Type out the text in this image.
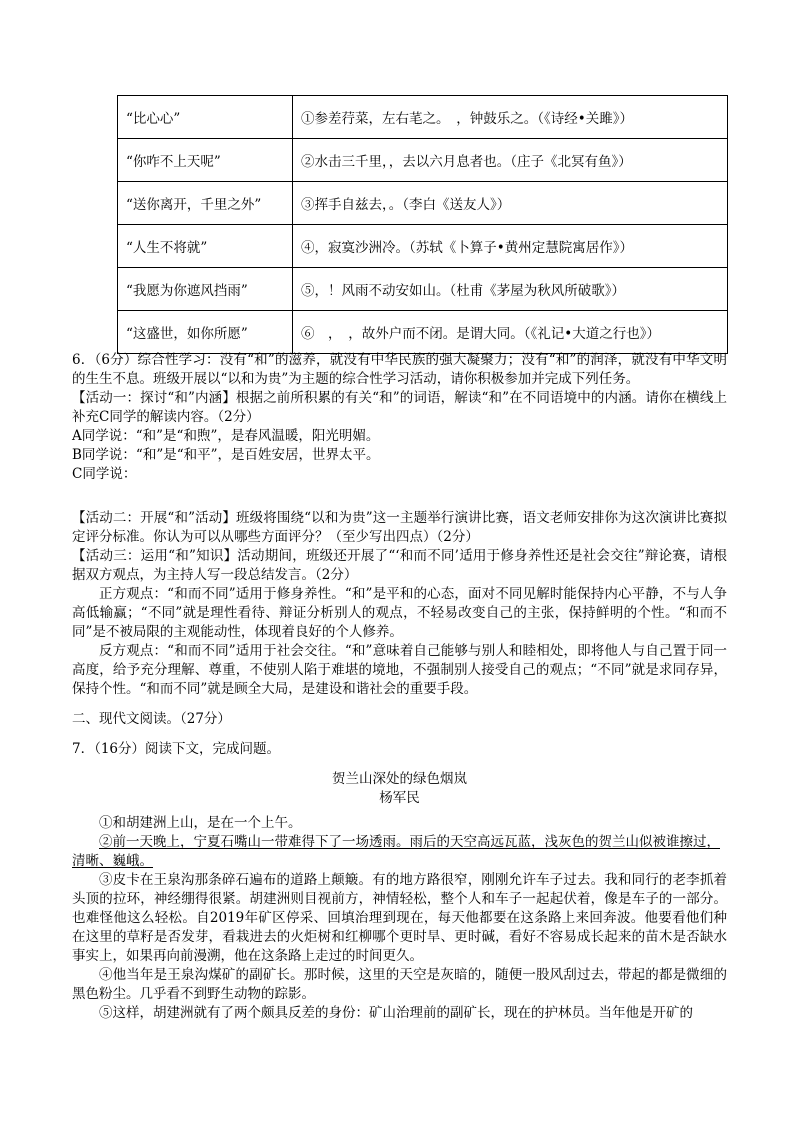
“比心心”	①参差荇菜，左右芼之。　，钟鼓乐之。（《诗经•关雎》）
“你咋不上天呢”	②水击三千里，，去以六月息者也。（庄子《北冥有鱼》）
“送你离开，千里之外”	③挥手自兹去，。（李白《送友人》）
“人生不将就”	④，寂寞沙洲冷。（苏轼《卜算子•黄州定慧院寓居作》）
“我愿为你遮风挡雨”	⑤，！风雨不动安如山。（杜甫《茅屋为秋风所破歌》）
“这盛世，如你所愿”	⑥　，　，故外户而不闭。是谓大同。（《礼记•大道之行也》）

6．（6分）综合性学习：没有“和”的滋养，就没有中华民族的强大凝聚力；没有“和”的润泽，就没有中华文明的生生不息。班级开展以“以和为贵”为主题的综合性学习活动，请你积极参加并完成下列任务。

【活动一：探讨“和”内涵】根据之前所积累的有关“和”的词语，解读“和”在不同语境中的内涵。请你在横线上补充C同学的解读内容。（2分）

A同学说：“和”是“和煦”，是春风温暖，阳光明媚。

B同学说：“和”是“和平”，是百姓安居，世界太平。

C同学说：

【活动二：开展“和”活动】班级将围绕“以和为贵”这一主题举行演讲比赛，语文老师安排你为这次演讲比赛拟定评分标准。你认为可以从哪些方面评分？（至少写出四点）（2分）

【活动三：运用“和”知识】活动期间，班级还开展了“‘和而不同’适用于修身养性还是社会交往”辩论赛，请根据双方观点，为主持人写一段总结发言。（2分）

正方观点：“和而不同”适用于修身养性。“和”是平和的心态，面对不同见解时能保持内心平静，不与人争高低输赢；“不同”就是理性看待、辩证分析别人的观点，不轻易改变自己的主张，保持鲜明的个性。“和而不同”是不被局限的主观能动性，体现着良好的个人修养。

反方观点：“和而不同”适用于社会交往。“和”意味着自己能够与别人和睦相处，即将他人与自己置于同一高度，给予充分理解、尊重，不使别人陷于难堪的境地，不强制别人接受自己的观点；“不同”就是求同存异，保持个性。“和而不同”就是顾全大局，是建设和谐社会的重要手段。

二、现代文阅读。（27分）

7．（16分）阅读下文，完成问题。

贺兰山深处的绿色烟岚

杨军民

①和胡建洲上山，是在一个上午。

②前一天晚上，宁夏石嘴山一带难得下了一场透雨。雨后的天空高远瓦蓝，浅灰色的贺兰山似被谁擦过，清晰、巍峨。

③皮卡在王泉沟那条碎石遍布的道路上颠簸。有的地方路很窄，刚刚允许车子过去。我和同行的老李抓着头顶的拉环，神经绷得很紧。胡建洲则目视前方，神情轻松，整个人和车子一起起伏着，像是车子的一部分。也难怪他这么轻松。自2019年矿区停采、回填治理到现在，每天他都要在这条路上来回奔波。他要看他们种在这里的草籽是否发芽，看栽进去的火炬树和红柳哪个更时旱、更时碱，看好不容易成长起来的苗木是否缺水事实上，如果再向前漫溯，他在这条路上走过的时间更久。

④他当年是王泉沟煤矿的副矿长。那时候，这里的天空是灰暗的，随便一股风刮过去，带起的都是微细的黑色粉尘。几乎看不到野生动物的踪影。

⑤这样，胡建洲就有了两个颇具反差的身份：矿山治理前的副矿长，现在的护林员。当年他是开矿的
